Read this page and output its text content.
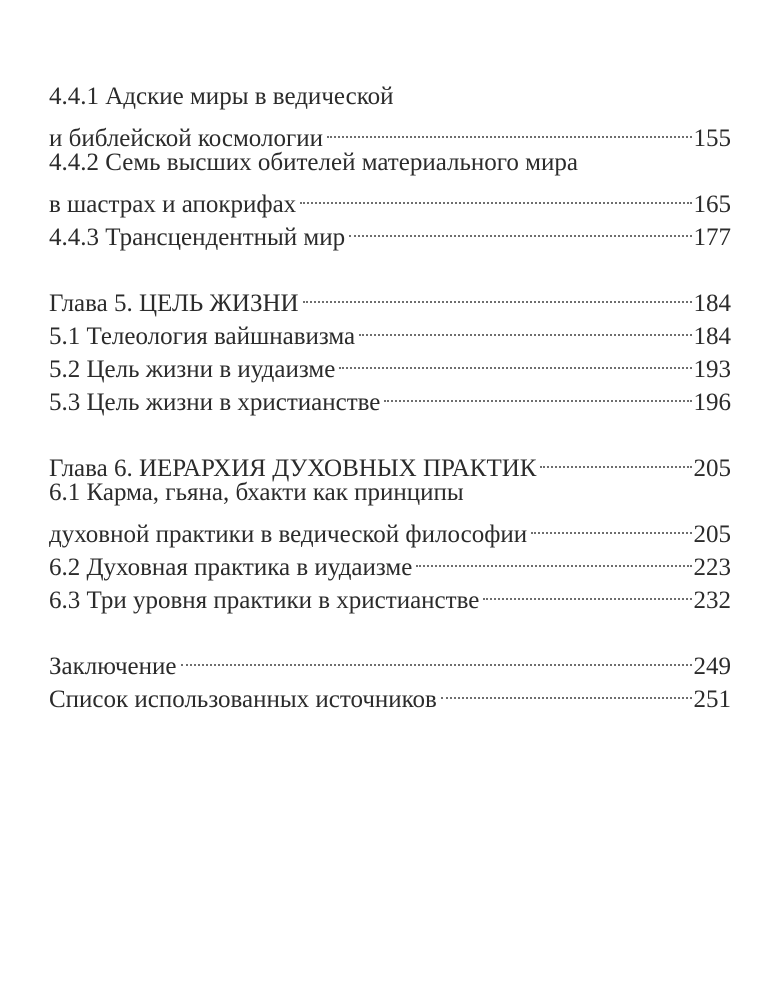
4.4.1 Адские миры в ведической
и библейской космологии	155
4.4.2 Семь высших обителей материального мира
в шастрах и апокрифах	165
4.4.3 Трансцендентный мир	177
Глава 5. ЦЕЛЬ ЖИЗНИ	184
5.1 Телеология вайшнавизма	184
5.2 Цель жизни в иудаизме	193
5.3 Цель жизни в христианстве	196
Глава 6. ИЕРАРХИЯ ДУХОВНЫХ ПРАКТИК	205
6.1 Карма, гьяна, бхакти как принципы
духовной практики в ведической философии	205
6.2 Духовная практика в иудаизме	223
6.3 Три уровня практики в христианстве	232
Заключение	249
Список использованных источников	251
